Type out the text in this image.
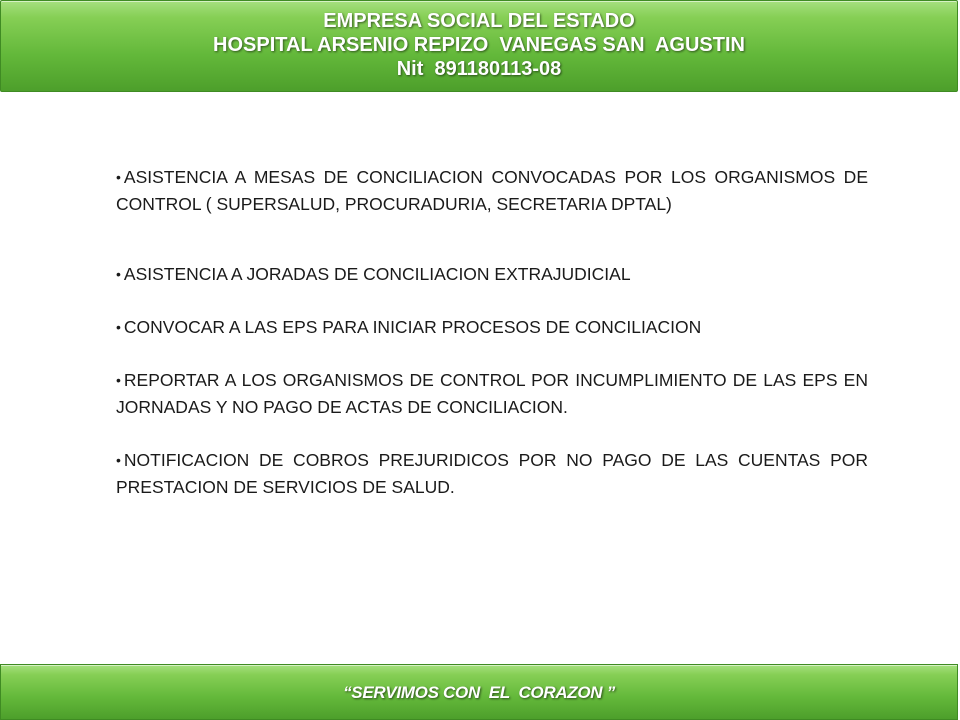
EMPRESA SOCIAL DEL ESTADO
HOSPITAL ARSENIO REPIZO  VANEGAS SAN  AGUSTIN
Nit  891180113-08

• ASISTENCIA A MESAS DE CONCILIACION CONVOCADAS POR LOS ORGANISMOS DE CONTROL ( SUPERSALUD, PROCURADURIA, SECRETARIA DPTAL)

• ASISTENCIA A JORADAS DE CONCILIACION EXTRAJUDICIAL

• CONVOCAR A LAS EPS PARA INICIAR PROCESOS DE CONCILIACION

• REPORTAR A LOS ORGANISMOS DE CONTROL POR INCUMPLIMIENTO DE LAS EPS EN JORNADAS Y NO PAGO DE ACTAS DE CONCILIACION.

• NOTIFICACION DE COBROS PREJURIDICOS POR NO PAGO DE LAS CUENTAS POR PRESTACION DE SERVICIOS DE SALUD.

“SERVIMOS CON  EL  CORAZON ”
